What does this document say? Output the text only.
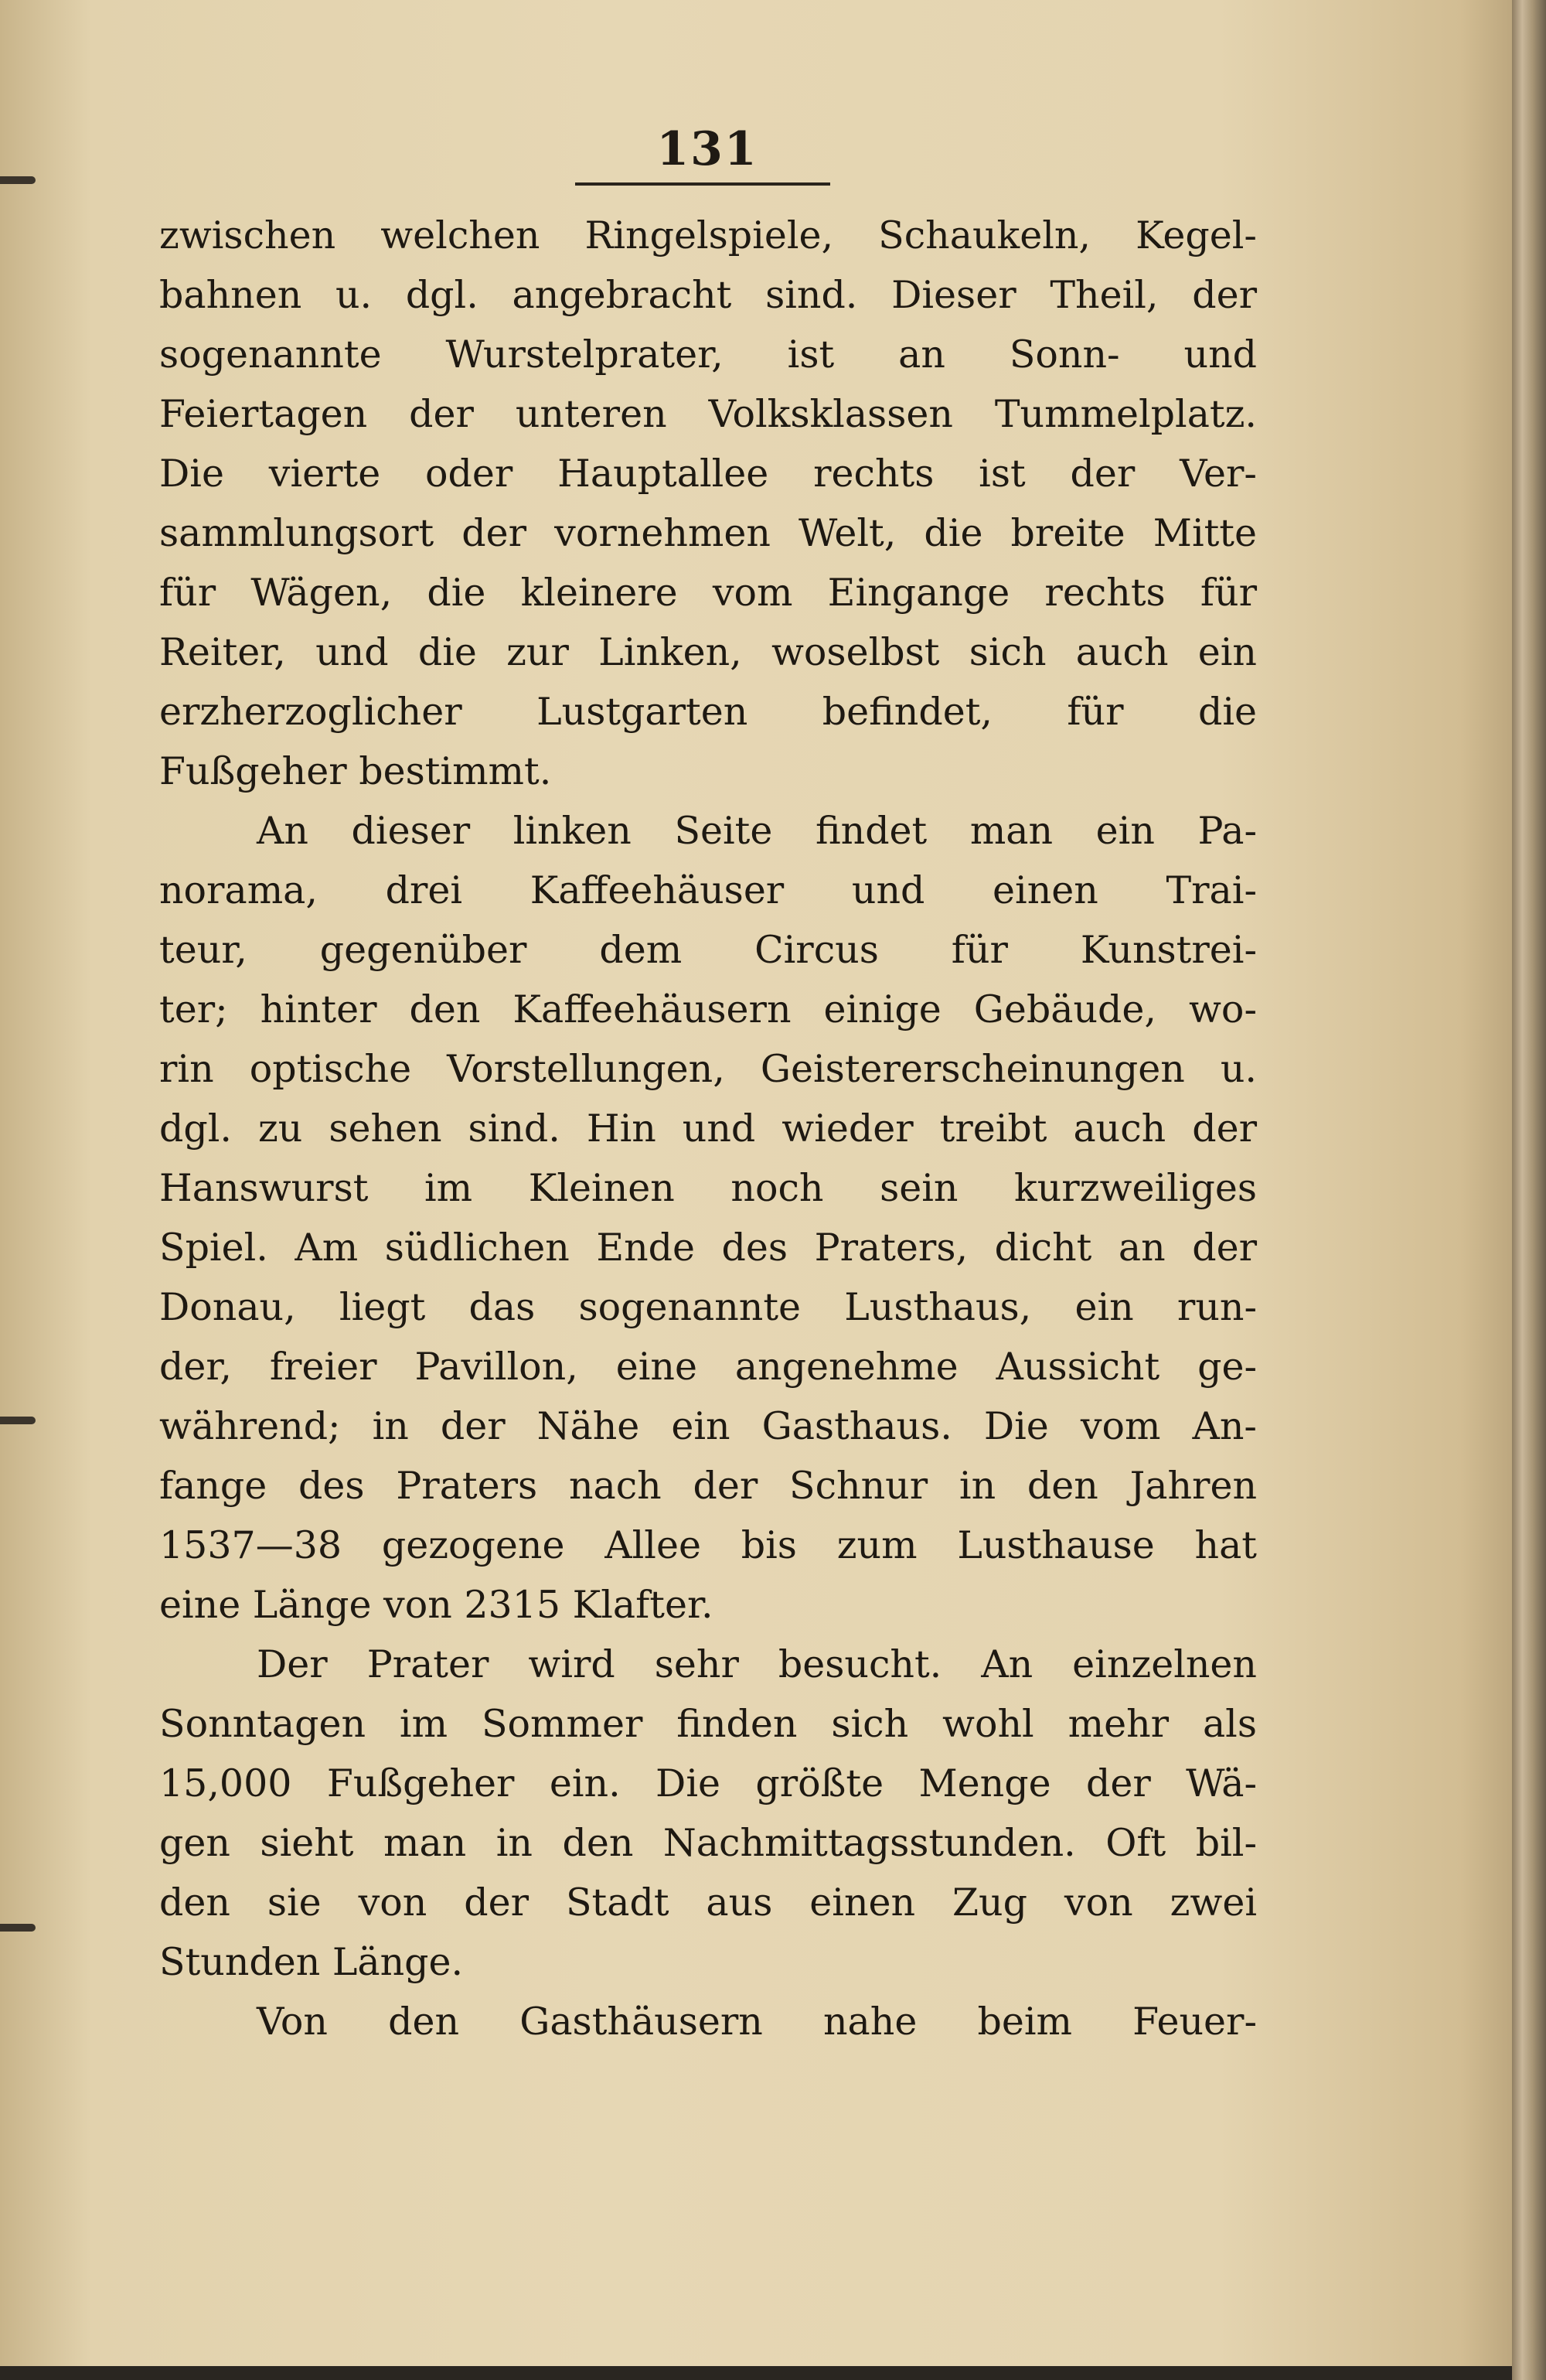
131
zwischen welchen Ringelspiele, Schaukeln, Kegel-
bahnen u. dgl. angebracht sind. Dieser Theil, der
sogenannte Wurstelprater, ist an Sonn- und
Feiertagen der unteren Volksklassen Tummelplatz.
Die vierte oder Hauptallee rechts ist der Ver-
sammlungsort der vornehmen Welt, die breite Mitte
für Wägen, die kleinere vom Eingange rechts für
Reiter, und die zur Linken, woselbst sich auch ein
erzherzoglicher Lustgarten befindet, für die
Fußgeher bestimmt.
An dieser linken Seite findet man ein Pa-
norama, drei Kaffeehäuser und einen Trai-
teur, gegenüber dem Circus für Kunstrei-
ter; hinter den Kaffeehäusern einige Gebäude, wo-
rin optische Vorstellungen, Geistererscheinungen u.
dgl. zu sehen sind. Hin und wieder treibt auch der
Hanswurst im Kleinen noch sein kurzweiliges
Spiel. Am südlichen Ende des Praters, dicht an der
Donau, liegt das sogenannte Lusthaus, ein run-
der, freier Pavillon, eine angenehme Aussicht ge-
während; in der Nähe ein Gasthaus. Die vom An-
fange des Praters nach der Schnur in den Jahren
1537—38 gezogene Allee bis zum Lusthause hat
eine Länge von 2315 Klafter.
Der Prater wird sehr besucht. An einzelnen
Sonntagen im Sommer finden sich wohl mehr als
15,000 Fußgeher ein. Die größte Menge der Wä-
gen sieht man in den Nachmittagsstunden. Oft bil-
den sie von der Stadt aus einen Zug von zwei
Stunden Länge.
Von den Gasthäusern nahe beim Feuer-
